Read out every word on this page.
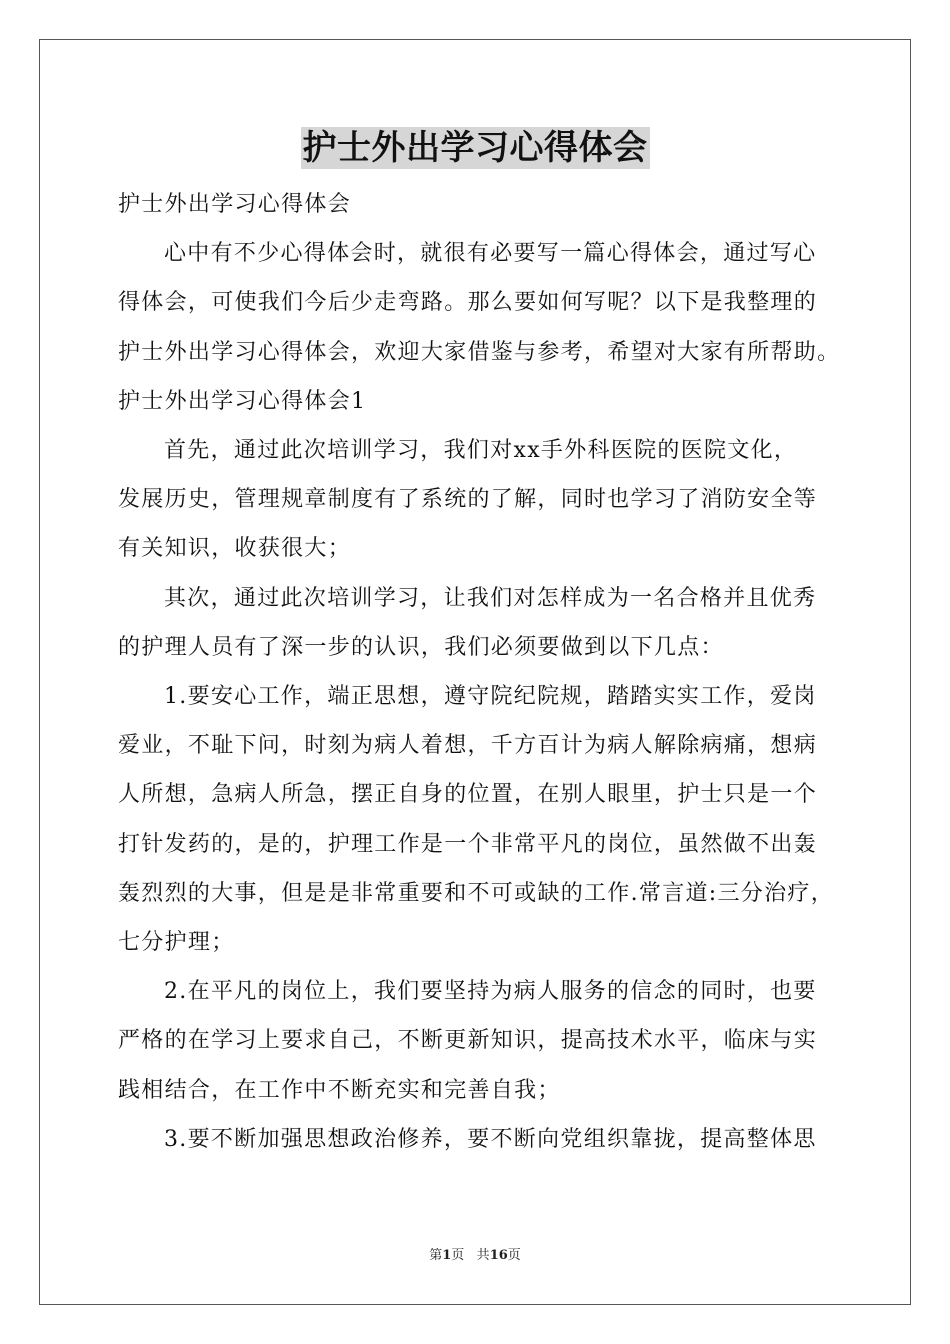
护士外出学习心得体会

护士外出学习心得体会

心中有不少心得体会时，就很有必要写一篇心得体会，通过写心

得体会，可使我们今后少走弯路。那么要如何写呢？以下是我整理的

护士外出学习心得体会，欢迎大家借鉴与参考，希望对大家有所帮助。

护士外出学习心得体会1

首先，通过此次培训学习，我们对xx手外科医院的医院文化，

发展历史，管理规章制度有了系统的了解，同时也学习了消防安全等

有关知识，收获很大；

其次，通过此次培训学习，让我们对怎样成为一名合格并且优秀

的护理人员有了深一步的认识，我们必须要做到以下几点：

1.要安心工作，端正思想，遵守院纪院规，踏踏实实工作，爱岗

爱业，不耻下问，时刻为病人着想，千方百计为病人解除病痛，想病

人所想，急病人所急，摆正自身的位置，在别人眼里，护士只是一个

打针发药的，是的，护理工作是一个非常平凡的岗位，虽然做不出轰

轰烈烈的大事，但是是非常重要和不可或缺的工作.常言道:三分治疗，

七分护理；

2.在平凡的岗位上，我们要坚持为病人服务的信念的同时，也要

严格的在学习上要求自己，不断更新知识，提高技术水平，临床与实

践相结合，在工作中不断充实和完善自我；

3.要不断加强思想政治修养，要不断向党组织靠拢，提高整体思

第1页 共16页
